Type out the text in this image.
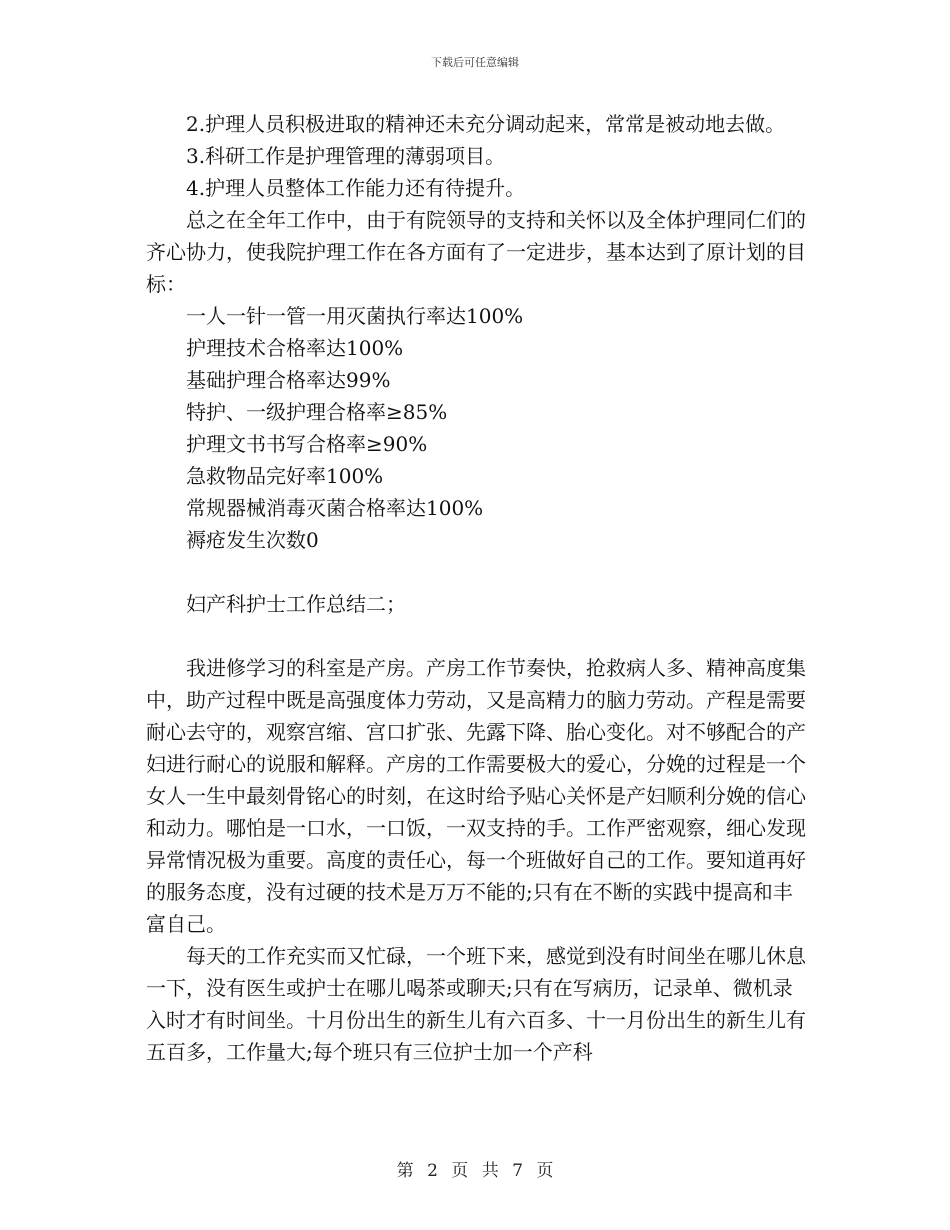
下载后可任意编辑

2.护理人员积极进取的精神还未充分调动起来，常常是被动地去做。

3.科研工作是护理管理的薄弱项目。

4.护理人员整体工作能力还有待提升。

总之在全年工作中，由于有院领导的支持和关怀以及全体护理同仁们的齐心协力，使我院护理工作在各方面有了一定进步，基本达到了原计划的目标：

一人一针一管一用灭菌执行率达100%

护理技术合格率达100%

基础护理合格率达99%

特护、一级护理合格率≥85%

护理文书书写合格率≥90%

急救物品完好率100%

常规器械消毒灭菌合格率达100%

褥疮发生次数0

妇产科护士工作总结二；

我进修学习的科室是产房。产房工作节奏快，抢救病人多、精神高度集中，助产过程中既是高强度体力劳动，又是高精力的脑力劳动。产程是需要耐心去守的，观察宫缩、宫口扩张、先露下降、胎心变化。对不够配合的产妇进行耐心的说服和解释。产房的工作需要极大的爱心，分娩的过程是一个女人一生中最刻骨铭心的时刻，在这时给予贴心关怀是产妇顺利分娩的信心和动力。哪怕是一口水，一口饭，一双支持的手。工作严密观察，细心发现异常情况极为重要。高度的责任心，每一个班做好自己的工作。要知道再好的服务态度，没有过硬的技术是万万不能的;只有在不断的实践中提高和丰富自己。

每天的工作充实而又忙碌，一个班下来，感觉到没有时间坐在哪儿休息一下，没有医生或护士在哪儿喝茶或聊天;只有在写病历，记录单、微机录入时才有时间坐。十月份出生的新生儿有六百多、十一月份出生的新生儿有五百多，工作量大;每个班只有三位护士加一个产科

第 2 页 共 7 页
